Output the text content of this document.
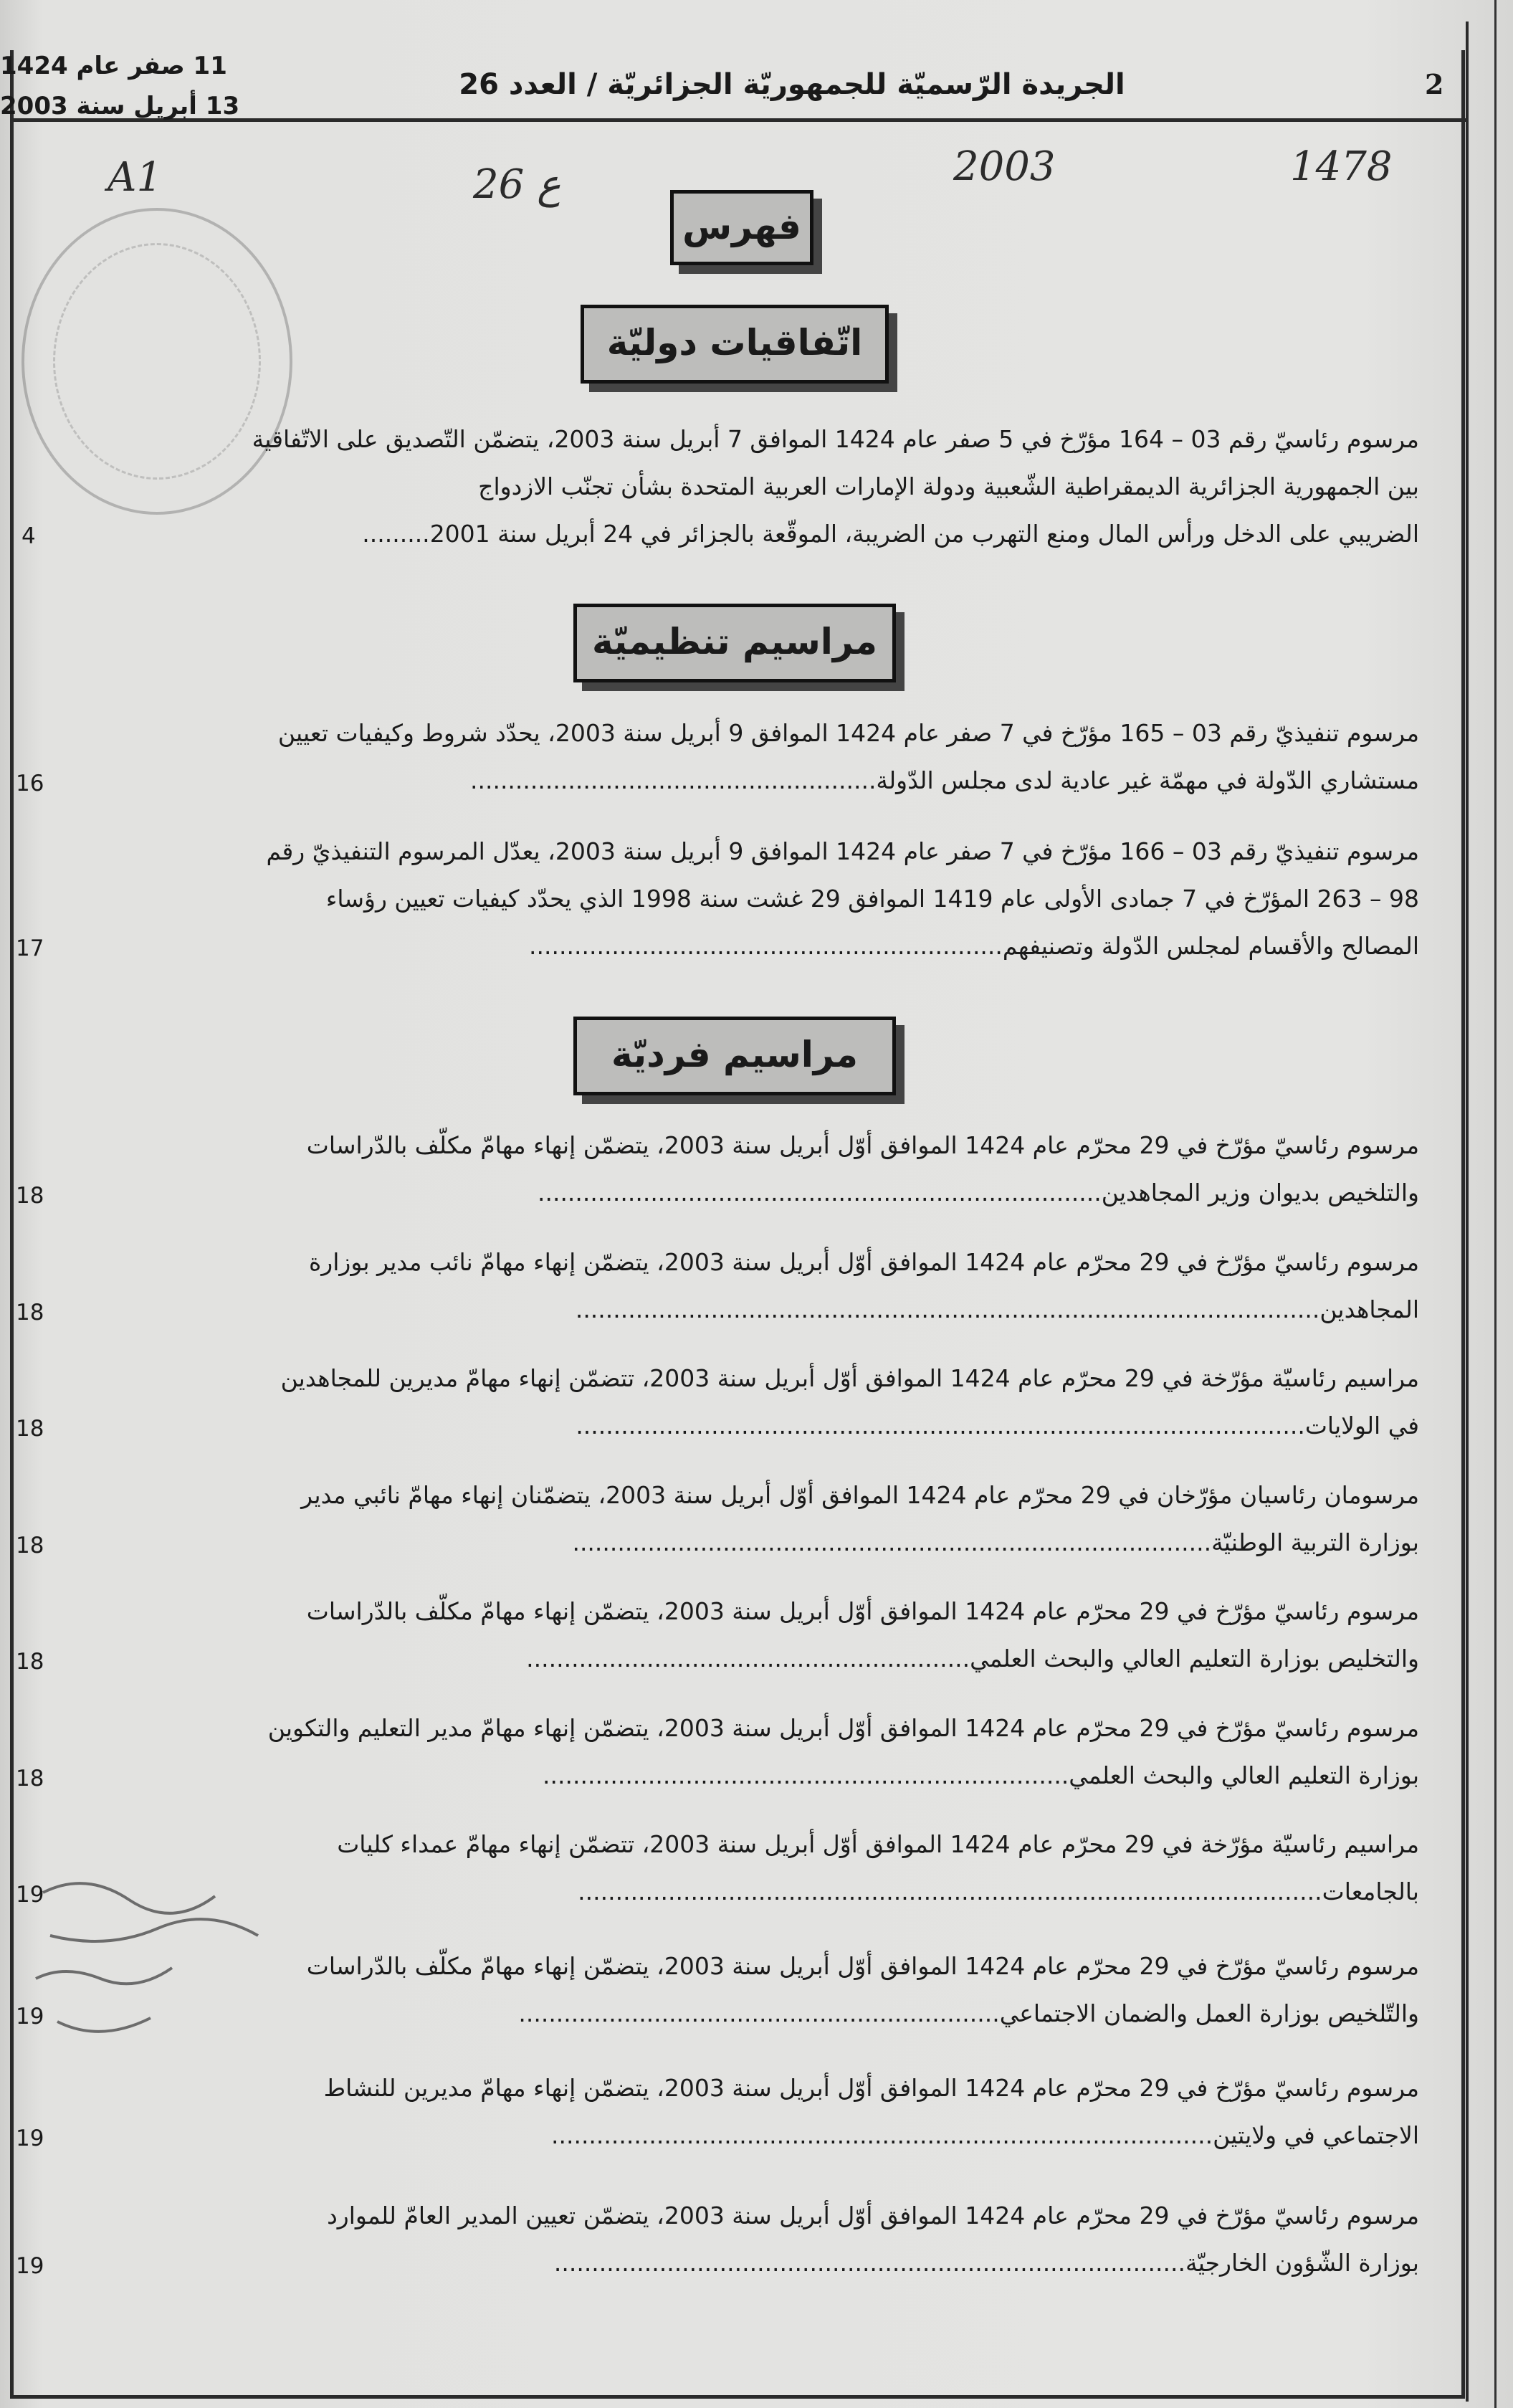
2
الجريدة الرّسميّة للجمهوريّة الجزائريّة / العدد 26
11 صفر عام 1424
13 أبريل سنة 2003
A1	26 ع	2003	1478
فهرس
اتّفاقيات دوليّة
مرسوم رئاسيّ رقم 03 – 164 مؤرّخ في 5 صفر عام 1424 الموافق 7 أبريل سنة 2003، يتضمّن التّصديق على الاتّفاقية
بين الجمهورية الجزائرية الديمقراطية الشّعبية ودولة الإمارات العربية المتحدة بشأن تجنّب الازدواج
الضريبي على الدخل ورأس المال ومنع التهرب من الضريبة، الموقّعة بالجزائر في 24 أبريل سنة 2001.........
4
مراسيم تنظيميّة
مرسوم تنفيذيّ رقم 03 – 165 مؤرّخ في 7 صفر عام 1424 الموافق 9 أبريل سنة 2003، يحدّد شروط وكيفيات تعيين
مستشاري الدّولة في مهمّة غير عادية لدى مجلس الدّولة......................................................
16
مرسوم تنفيذيّ رقم 03 – 166 مؤرّخ في 7 صفر عام 1424 الموافق 9 أبريل سنة 2003، يعدّل المرسوم التنفيذيّ رقم
98 – 263 المؤرّخ في 7 جمادى الأولى عام 1419 الموافق 29 غشت سنة 1998 الذي يحدّد كيفيات تعيين رؤساء
المصالح والأقسام لمجلس الدّولة وتصنيفهم...............................................................
17
مراسيم فرديّة
مرسوم رئاسيّ مؤرّخ في 29 محرّم عام 1424 الموافق أوّل أبريل سنة 2003، يتضمّن إنهاء مهامّ مكلّف بالدّراسات
والتلخيص بديوان وزير المجاهدين...........................................................................
18
مرسوم رئاسيّ مؤرّخ في 29 محرّم عام 1424 الموافق أوّل أبريل سنة 2003، يتضمّن إنهاء مهامّ نائب مدير بوزارة
المجاهدين...................................................................................................
18
مراسيم رئاسيّة مؤرّخة في 29 محرّم عام 1424 الموافق أوّل أبريل سنة 2003، تتضمّن إنهاء مهامّ مديرين للمجاهدين
في الولايات.................................................................................................
18
مرسومان رئاسيان مؤرّخان في 29 محرّم عام 1424 الموافق أوّل أبريل سنة 2003، يتضمّنان إنهاء مهامّ نائبي مدير
بوزارة التربية الوطنيّة.....................................................................................
18
مرسوم رئاسيّ مؤرّخ في 29 محرّم عام 1424 الموافق أوّل أبريل سنة 2003، يتضمّن إنهاء مهامّ مكلّف بالدّراسات
والتخليص بوزارة التعليم العالي والبحث العلمي...........................................................
18
مرسوم رئاسيّ مؤرّخ في 29 محرّم عام 1424 الموافق أوّل أبريل سنة 2003، يتضمّن إنهاء مهامّ مدير التعليم والتكوين
بوزارة التعليم العالي والبحث العلمي......................................................................
18
مراسيم رئاسيّة مؤرّخة في 29 محرّم عام 1424 الموافق أوّل أبريل سنة 2003، تتضمّن إنهاء مهامّ عمداء كليات
بالجامعات...................................................................................................
19
مرسوم رئاسيّ مؤرّخ في 29 محرّم عام 1424 الموافق أوّل أبريل سنة 2003، يتضمّن إنهاء مهامّ مكلّف بالدّراسات
والتّلخيص بوزارة العمل والضمان الاجتماعي................................................................
19
مرسوم رئاسيّ مؤرّخ في 29 محرّم عام 1424 الموافق أوّل أبريل سنة 2003، يتضمّن إنهاء مهامّ مديرين للنشاط
الاجتماعي في ولايتين........................................................................................
19
مرسوم رئاسيّ مؤرّخ في 29 محرّم عام 1424 الموافق أوّل أبريل سنة 2003، يتضمّن تعيين المدير العامّ للموارد
بوزارة الشّؤون الخارجيّة....................................................................................
19
